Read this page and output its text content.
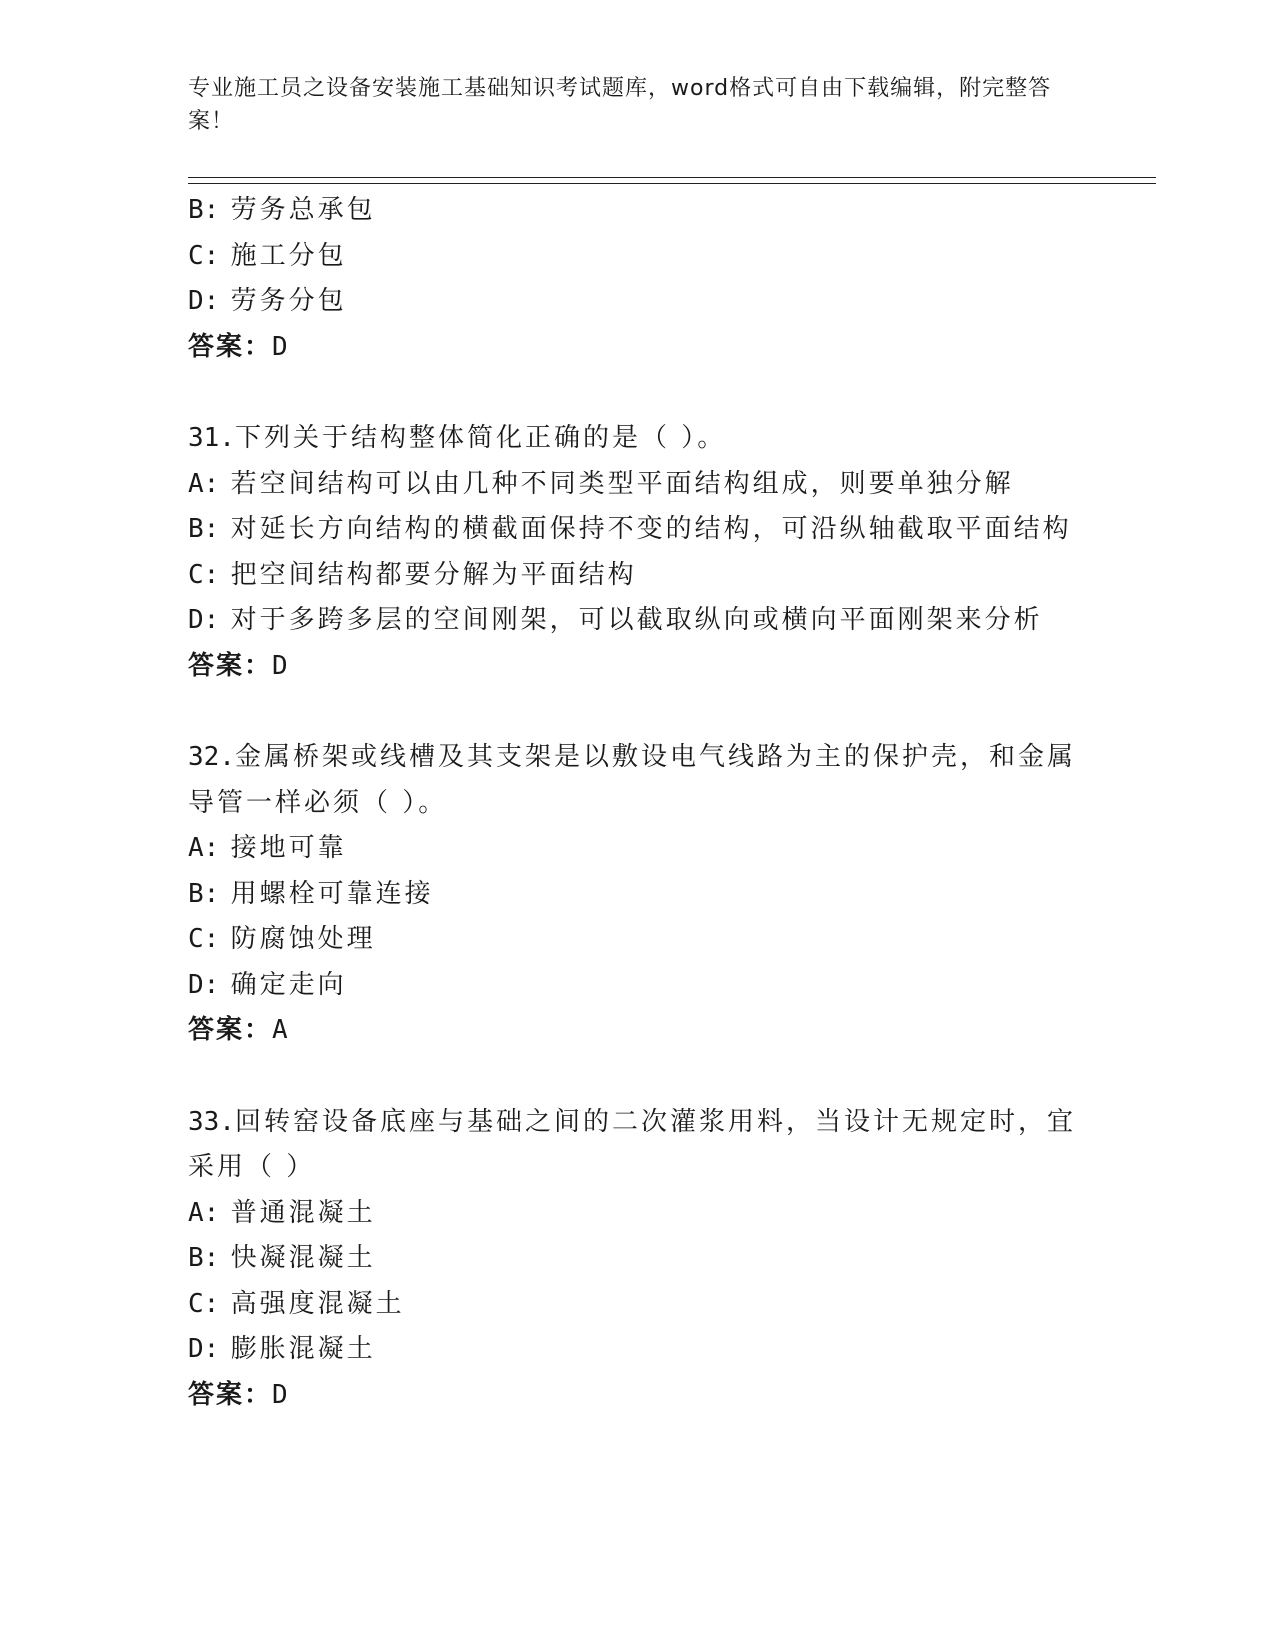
专业施工员之设备安装施工基础知识考试题库，word格式可自由下载编辑，附完整答案！
B: 劳务总承包
C: 施工分包
D: 劳务分包
答案：D
31.下列关于结构整体简化正确的是（ ）。
A: 若空间结构可以由几种不同类型平面结构组成，则要单独分解
B: 对延长方向结构的横截面保持不变的结构，可沿纵轴截取平面结构
C: 把空间结构都要分解为平面结构
D: 对于多跨多层的空间刚架，可以截取纵向或横向平面刚架来分析
答案：D
32.金属桥架或线槽及其支架是以敷设电气线路为主的保护壳，和金属
导管一样必须（ ）。
A: 接地可靠
B: 用螺栓可靠连接
C: 防腐蚀处理
D: 确定走向
答案：A
33.回转窑设备底座与基础之间的二次灌浆用料，当设计无规定时，宜
采用（ ）
A: 普通混凝土
B: 快凝混凝土
C: 高强度混凝土
D: 膨胀混凝土
答案：D
